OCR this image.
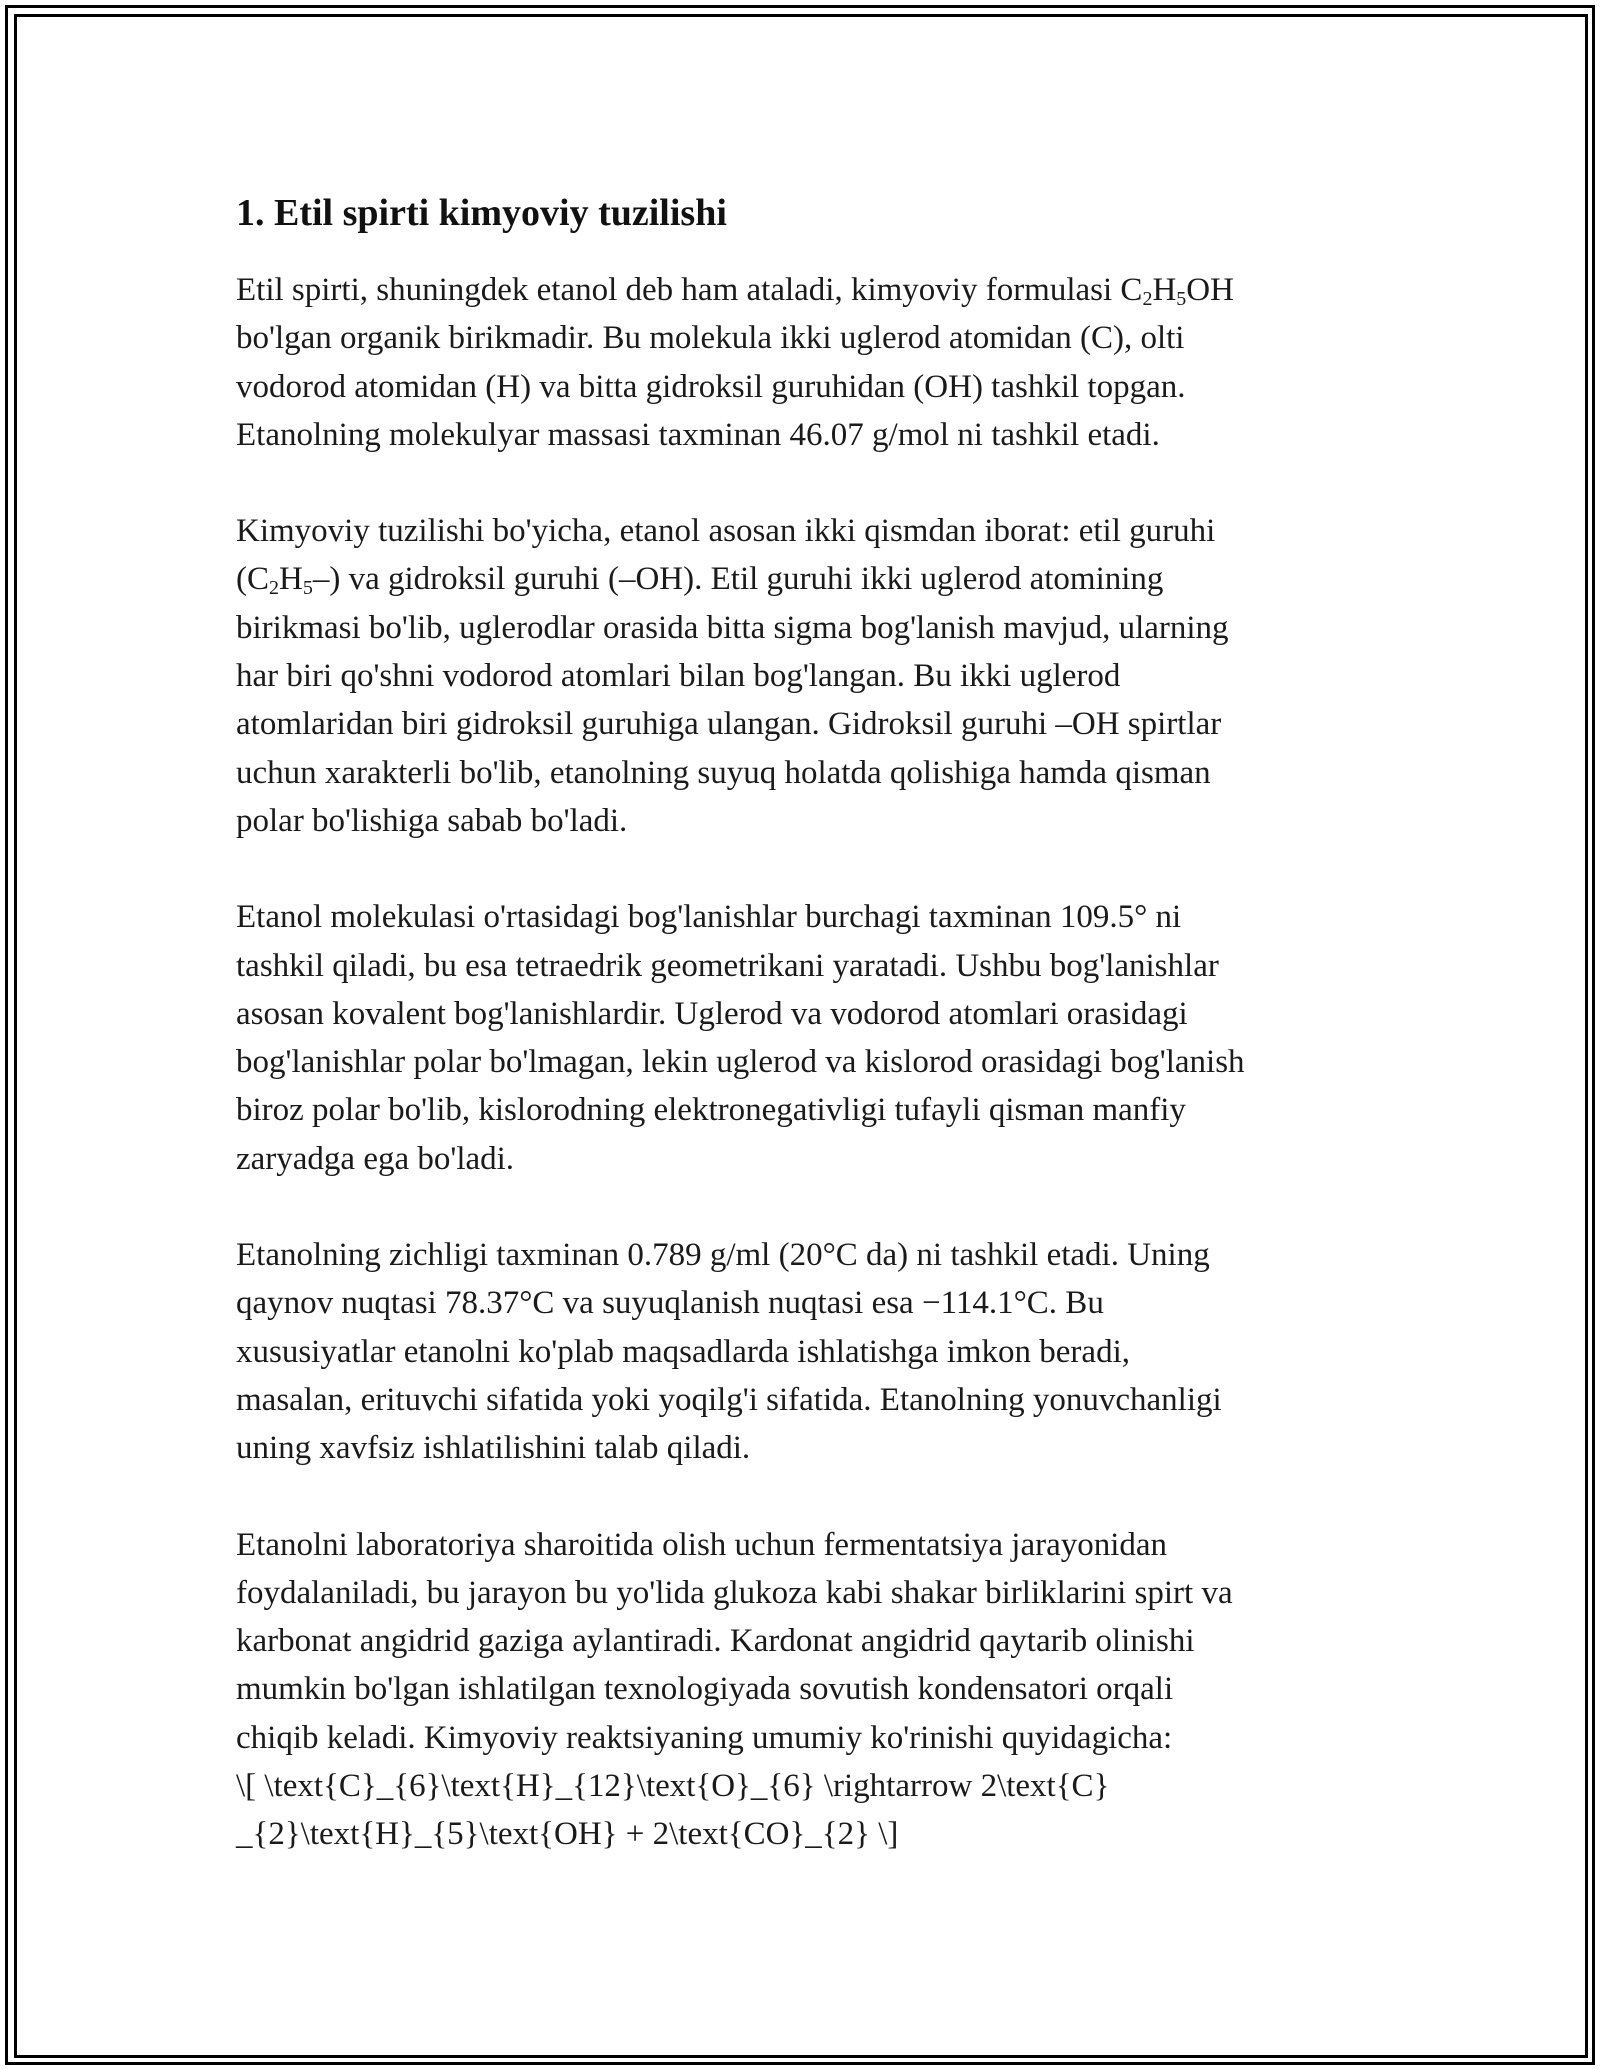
1. Etil spirti kimyoviy tuzilishi

Etil spirti, shuningdek etanol deb ham ataladi, kimyoviy formulasi $C_2H_5OH$
bo'lgan organik birikmadir. Bu molekula ikki uglerod atomidan (C), olti
vodorod atomidan (H) va bitta gidroksil guruhidan (OH) tashkil topgan.
Etanolning molekulyar massasi taxminan 46.07 g/mol ni tashkil etadi.

Kimyoviy tuzilishi bo'yicha, etanol asosan ikki qismdan iborat: etil guruhi
$(C_2H_5-)$ va gidroksil guruhi (–OH). Etil guruhi ikki uglerod atomining
birikmasi bo'lib, uglerodlar orasida bitta sigma bog'lanish mavjud, ularning
har biri qo'shni vodorod atomlari bilan bog'langan. Bu ikki uglerod
atomlaridan biri gidroksil guruhiga ulangan. Gidroksil guruhi –OH spirtlar
uchun xarakterli bo'lib, etanolning suyuq holatda qolishiga hamda qisman
polar bo'lishiga sabab bo'ladi.

Etanol molekulasi o'rtasidagi bog'lanishlar burchagi taxminan 109.5° ni
tashkil qiladi, bu esa tetraedrik geometrikani yaratadi. Ushbu bog'lanishlar
asosan kovalent bog'lanishlardir. Uglerod va vodorod atomlari orasidagi
bog'lanishlar polar bo'lmagan, lekin uglerod va kislorod orasidagi bog'lanish
biroz polar bo'lib, kislorodning elektronegativligi tufayli qisman manfiy
zaryadga ega bo'ladi.

Etanolning zichligi taxminan 0.789 g/ml (20°C da) ni tashkil etadi. Uning
qaynov nuqtasi 78.37°C va suyuqlanish nuqtasi esa −114.1°C. Bu
xususiyatlar etanolni ko'plab maqsadlarda ishlatishga imkon beradi,
masalan, erituvchi sifatida yoki yoqilg'i sifatida. Etanolning yonuvchanligi
uning xavfsiz ishlatilishini talab qiladi.

Etanolni laboratoriya sharoitida olish uchun fermentatsiya jarayonidan
foydalaniladi, bu jarayon bu yo'lida glukoza kabi shakar birliklarini spirt va
karbonat angidrid gaziga aylantiradi. Kardonat angidrid qaytarib olinishi
mumkin bo'lgan ishlatilgan texnologiyada sovutish kondensatori orqali
chiqib keladi. Kimyoviy reaktsiyaning umumiy ko'rinishi quyidagicha:
\[ \text{C}_{6}\text{H}_{12}\text{O}_{6} \rightarrow 2\text{C}
_{2}\text{H}_{5}\text{OH} + 2\text{CO}_{2} \]
